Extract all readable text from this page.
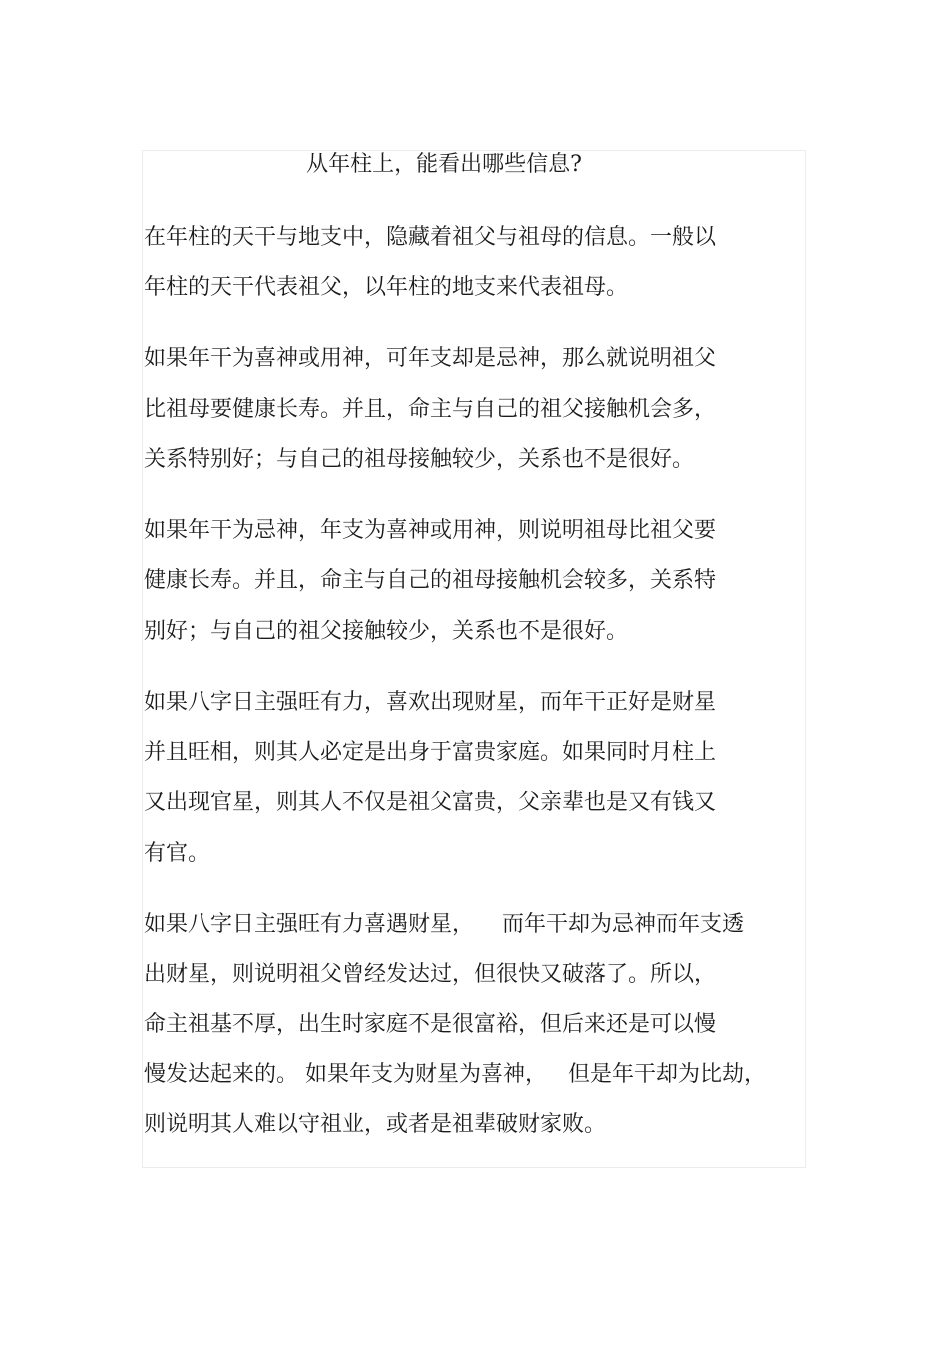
从年柱上，能看出哪些信息?

在年柱的天干与地支中，隐藏着祖父与祖母的信息。一般以

年柱的天干代表祖父，以年柱的地支来代表祖母。

如果年干为喜神或用神，可年支却是忌神，那么就说明祖父

比祖母要健康长寿。并且，命主与自己的祖父接触机会多，

关系特别好；与自己的祖母接触较少，关系也不是很好。

如果年干为忌神，年支为喜神或用神，则说明祖母比祖父要

健康长寿。并且，命主与自己的祖母接触机会较多，关系特

别好；与自己的祖父接触较少，关系也不是很好。

如果八字日主强旺有力，喜欢出现财星，而年干正好是财星

并且旺相，则其人必定是出身于富贵家庭。如果同时月柱上

又出现官星，则其人不仅是祖父富贵，父亲辈也是又有钱又

有官。

如果八字日主强旺有力喜遇财星，    而年干却为忌神而年支透

出财星，则说明祖父曾经发达过，但很快又破落了。所以，

命主祖基不厚，出生时家庭不是很富裕，但后来还是可以慢

慢发达起来的。 如果年支为财星为喜神，   但是年干却为比劫，

则说明其人难以守祖业，或者是祖辈破财家败。
